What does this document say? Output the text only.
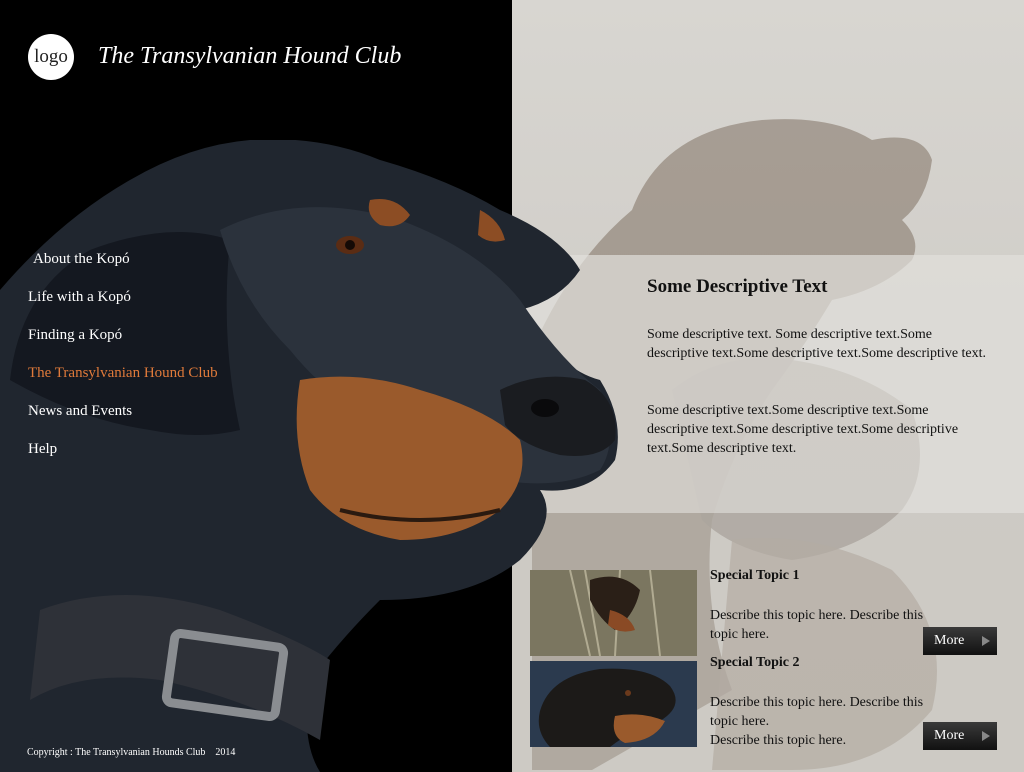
Some Descriptive Text
Some descriptive text. Some descriptive text.Some descriptive text.Some descriptive text.Some descriptive text.
Some descriptive text.Some descriptive text.Some descriptive text.Some descriptive text.Some descriptive text.Some descriptive text.
Special Topic 1
Describe this topic here. Describe this topic here.	More
Special Topic 2
Describe this topic here. Describe this topic here.
Describe this topic here.	More
logo The Transylvanian Hound Club
About the Kopó
Life with a Kopó
Finding a Kopó
The Transylvanian Hound Club
News and Events
Help
Copyright : The Transylvanian Hounds Club    2014
